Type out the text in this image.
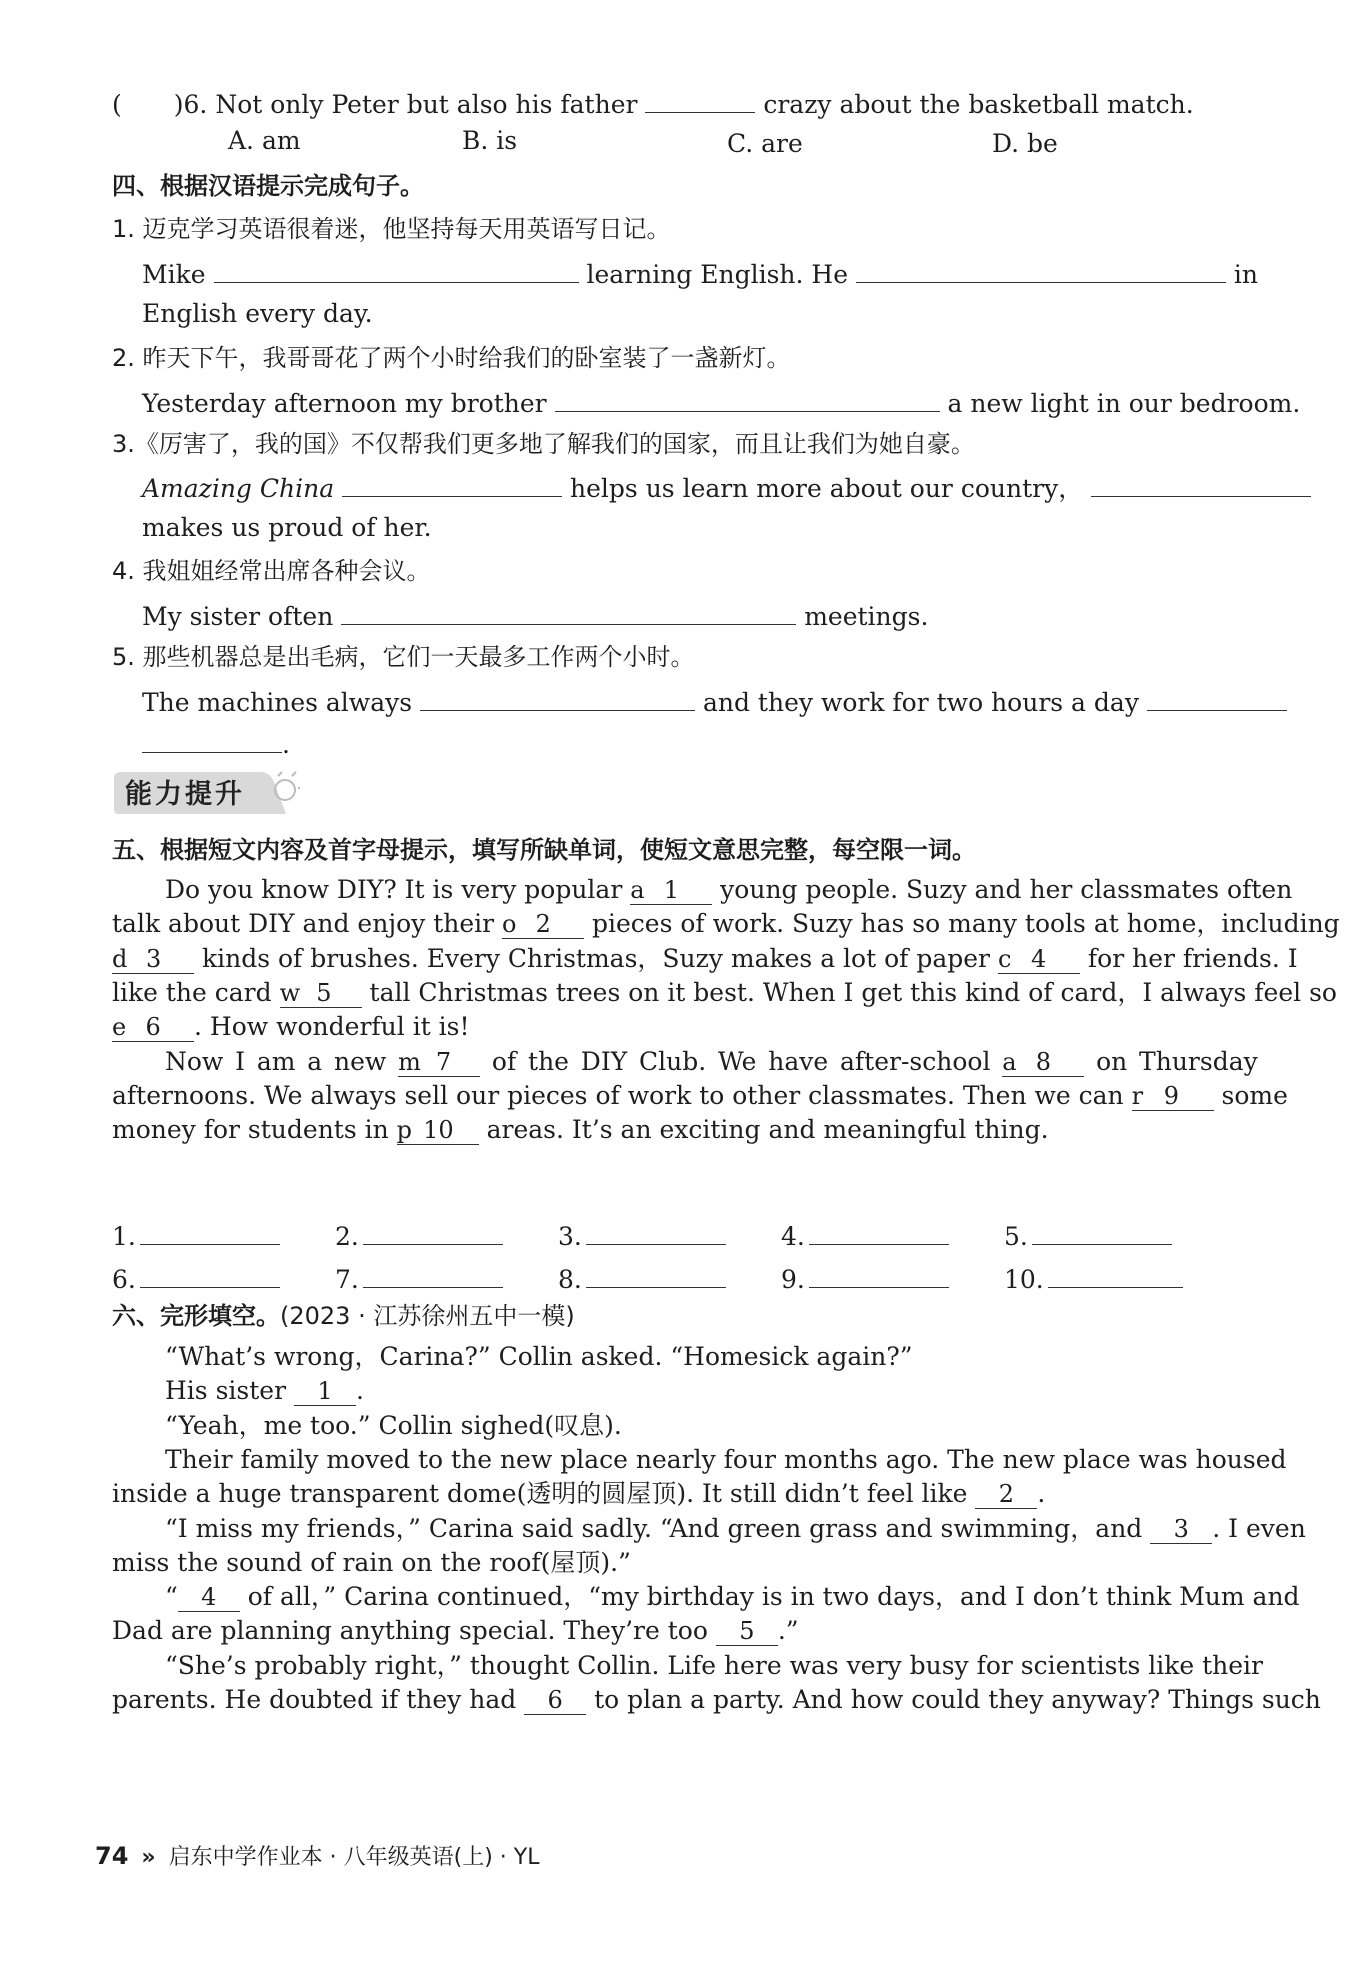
( )6. Not only Peter but also his father	crazy about the basketball match.
A. am	B. is	C. are	D. be
四、根据汉语提示完成句子。
1. 迈克学习英语很着迷，他坚持每天用英语写日记。
Mike	learning English. He	in
English every day.
2. 昨天下午，我哥哥花了两个小时给我们的卧室装了一盏新灯。
Yesterday afternoon my brother	a new light in our bedroom.
3.《厉害了，我的国》不仅帮我们更多地了解我们的国家，而且让我们为她自豪。
Amazing China	helps us learn more about our country，
makes us proud of her.
4. 我姐姐经常出席各种会议。
My sister often	meetings.
5. 那些机器总是出毛病，它们一天最多工作两个小时。
The machines always	and they work for two hours a day
.
能力提升
五、根据短文内容及首字母提示，填写所缺单词，使短文意思完整，每空限一词。
Do you know DIY? It is very popular a 1 young people. Suzy and her classmates often
talk about DIY and enjoy their o 2 pieces of work. Suzy has so many tools at home，including
d 3 kinds of brushes. Every Christmas，Suzy makes a lot of paper c 4 for her friends. I
like the card w 5 tall Christmas trees on it best. When I get this kind of card，I always feel so
e 6 . How wonderful it is!
Now I am a new m 7 of the DIY Club. We have after-school a 8 on Thursday
afternoons. We always sell our pieces of work to other classmates. Then we can r 9 some
money for students in p 10 areas. It’s an exciting and meaningful thing.
1.	2.	3.	4.	5.
6.	7.	8.	9.	10.
六、完形填空。(2023 · 江苏徐州五中一模)
“What’s wrong，Carina?” Collin asked. “Homesick again?”
His sister
1 .
“Yeah，me too.” Collin sighed(叹息).
Their family moved to the new place nearly four months ago. The new place was housed
inside a huge transparent dome(透明的圆屋顶). It still didn’t feel like
2 .
“I miss my friends，” Carina said sadly. “And green grass and swimming，and
3 . I even
miss the sound of rain on the roof(屋顶).”
“ 4 of all，” Carina continued，“my birthday is in two days，and I don’t think Mum and
Dad are planning anything special. They’re too
5 .”
“She’s probably right，” thought Collin. Life here was very busy for scientists like their
parents. He doubted if they had
6 to plan a party. And how could they anyway? Things such
74 » 启东中学作业本 · 八年级英语(上) · YL
